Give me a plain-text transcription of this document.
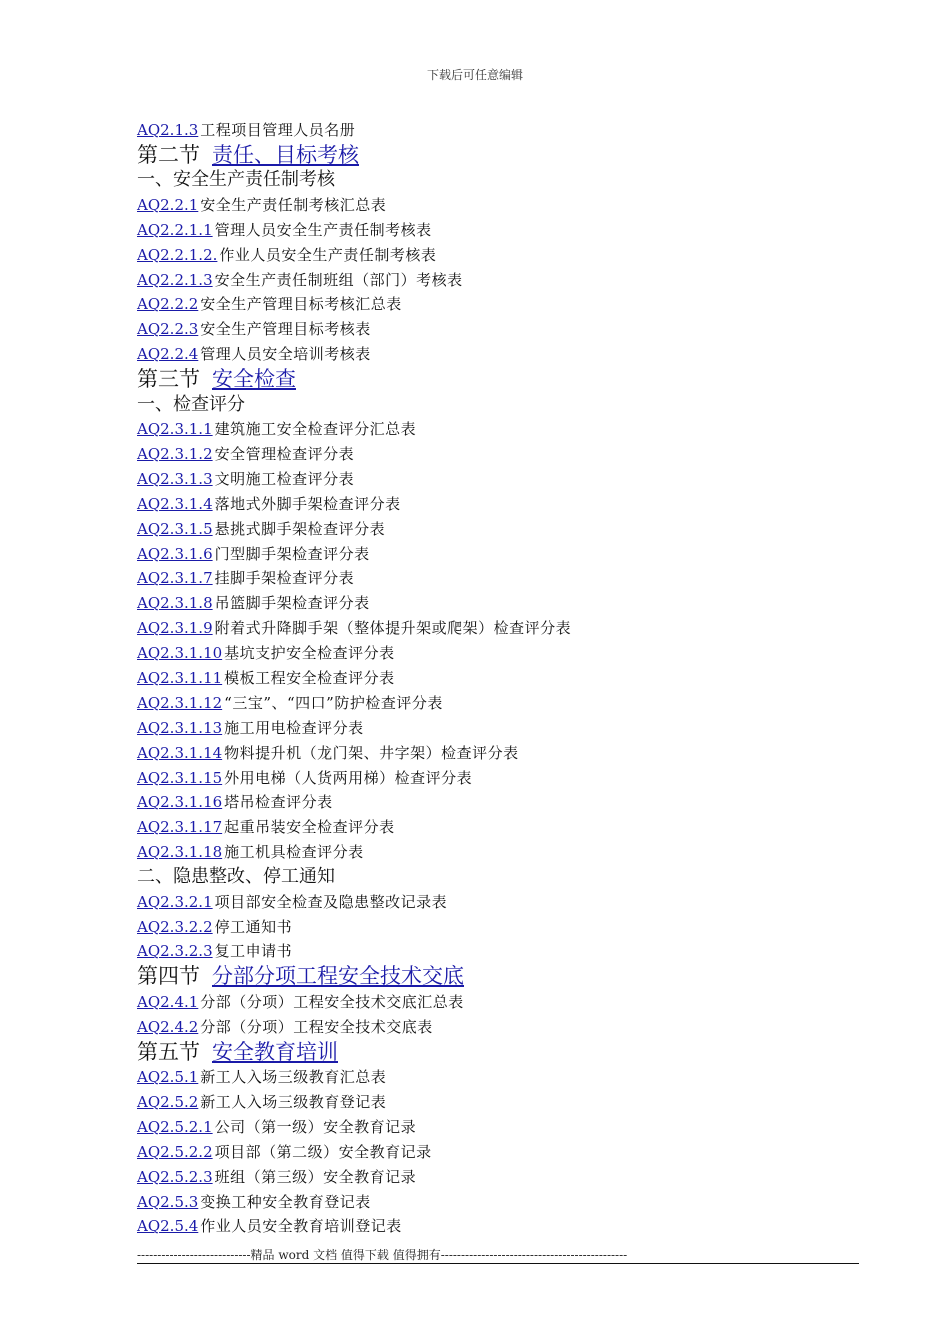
下载后可任意编辑
AQ2.1.3 工程项目管理人员名册
第二节 责任、目标考核
一、安全生产责任制考核
AQ2.2.1 安全生产责任制考核汇总表
AQ2.2.1.1 管理人员安全生产责任制考核表
AQ2.2.1.2. 作业人员安全生产责任制考核表
AQ2.2.1.3 安全生产责任制班组（部门）考核表
AQ2.2.2 安全生产管理目标考核汇总表
AQ2.2.3 安全生产管理目标考核表
AQ2.2.4 管理人员安全培训考核表
第三节 安全检查
一、检查评分
AQ2.3.1.1 建筑施工安全检查评分汇总表
AQ2.3.1.2 安全管理检查评分表
AQ2.3.1.3 文明施工检查评分表
AQ2.3.1.4 落地式外脚手架检查评分表
AQ2.3.1.5 悬挑式脚手架检查评分表
AQ2.3.1.6 门型脚手架检查评分表
AQ2.3.1.7 挂脚手架检查评分表
AQ2.3.1.8 吊篮脚手架检查评分表
AQ2.3.1.9 附着式升降脚手架（整体提升架或爬架）检查评分表
AQ2.3.1.10 基坑支护安全检查评分表
AQ2.3.1.11 模板工程安全检查评分表
AQ2.3.1.12 “三宝”、“四口”防护检查评分表
AQ2.3.1.13 施工用电检查评分表
AQ2.3.1.14 物料提升机（龙门架、井字架）检查评分表
AQ2.3.1.15 外用电梯（人货两用梯）检查评分表
AQ2.3.1.16 塔吊检查评分表
AQ2.3.1.17 起重吊装安全检查评分表
AQ2.3.1.18 施工机具检查评分表
二、隐患整改、停工通知
AQ2.3.2.1 项目部安全检查及隐患整改记录表
AQ2.3.2.2 停工通知书
AQ2.3.2.3 复工申请书
第四节 分部分项工程安全技术交底
AQ2.4.1 分部（分项）工程安全技术交底汇总表
AQ2.4.2 分部（分项）工程安全技术交底表
第五节 安全教育培训
AQ2.5.1 新工人入场三级教育汇总表
AQ2.5.2 新工人入场三级教育登记表
AQ2.5.2.1 公司（第一级）安全教育记录
AQ2.5.2.2 项目部（第二级）安全教育记录
AQ2.5.2.3 班组（第三级）安全教育记录
AQ2.5.3 变换工种安全教育登记表
AQ2.5.4 作业人员安全教育培训登记表
----------------------------精品 word 文档 值得下载 值得拥有----------------------------------------------
